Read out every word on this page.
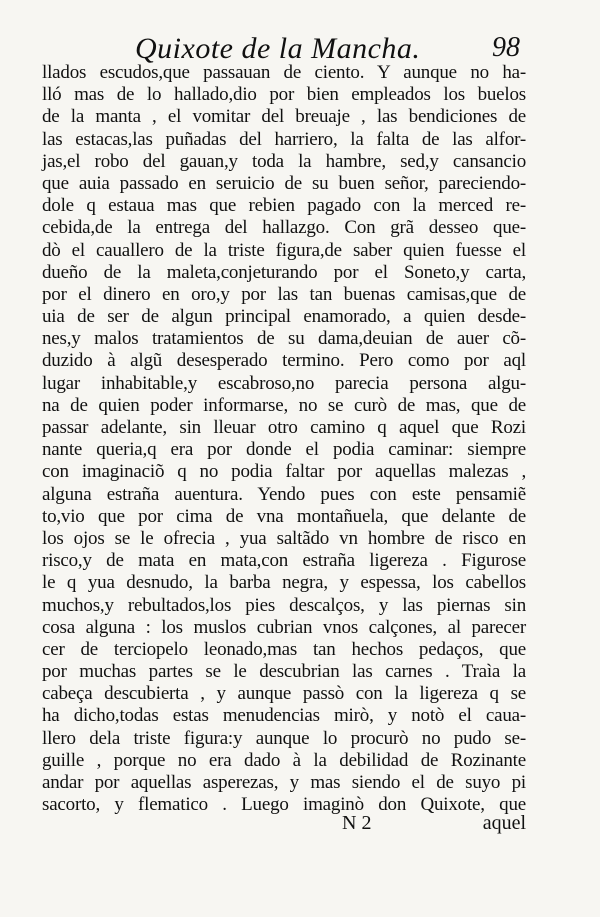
Quixote de la Mancha.	98
llados escudos,que passauan de ciento. Y aunque no ha-
lló mas de lo hallado,dio por bien empleados los buelos
de la manta , el vomitar del breuaje , las bendiciones de
las estacas,las puñadas del harriero, la falta de las alfor-
jas,el robo del gauan,y toda la hambre, sed,y cansancio
que auia passado en seruicio de su buen señor, pareciendo-
dole q estaua mas que rebien pagado con la merced re-
cebida,de la entrega del hallazgo. Con grã desseo que-
dò el cauallero de la triste figura,de saber quien fuesse el
dueño de la maleta,conjeturando por el Soneto,y carta,
por el dinero en oro,y por las tan buenas camisas,que de
uia de ser de algun principal enamorado, a quien desde-
nes,y malos tratamientos de su dama,deuian de auer cõ-
duzido à algũ desesperado termino. Pero como por aql
lugar inhabitable,y escabroso,no parecia persona algu-
na de quien poder informarse, no se curò de mas, que de
passar adelante, sin lleuar otro camino q aquel que Rozi
nante queria,q era por donde el podia caminar: siempre
con imaginaciõ q no podia faltar por aquellas malezas ,
alguna estraña auentura. Yendo pues con este pensamiẽ
to,vio que por cima de vna montañuela, que delante de
los ojos se le ofrecia , yua saltãdo vn hombre de risco en
risco,y de mata en mata,con estraña ligereza . Figurose
le q yua desnudo, la barba negra, y espessa, los cabellos
muchos,y rebultados,los pies descalços, y las piernas sin
cosa alguna : los muslos cubrian vnos calçones, al parecer
cer de terciopelo leonado,mas tan hechos pedaços, que
por muchas partes se le descubrian las carnes . Traìa la
cabeça descubierta , y aunque passò con la ligereza q se
ha dicho,todas estas menudencias mirò, y notò el caua-
llero dela triste figura:y aunque lo procurò no pudo se-
guille , porque no era dado à la debilidad de Rozinante
andar por aquellas asperezas, y mas siendo el de suyo pi
sacorto, y flematico . Luego imaginò don Quixote, que
N 2	aquel
